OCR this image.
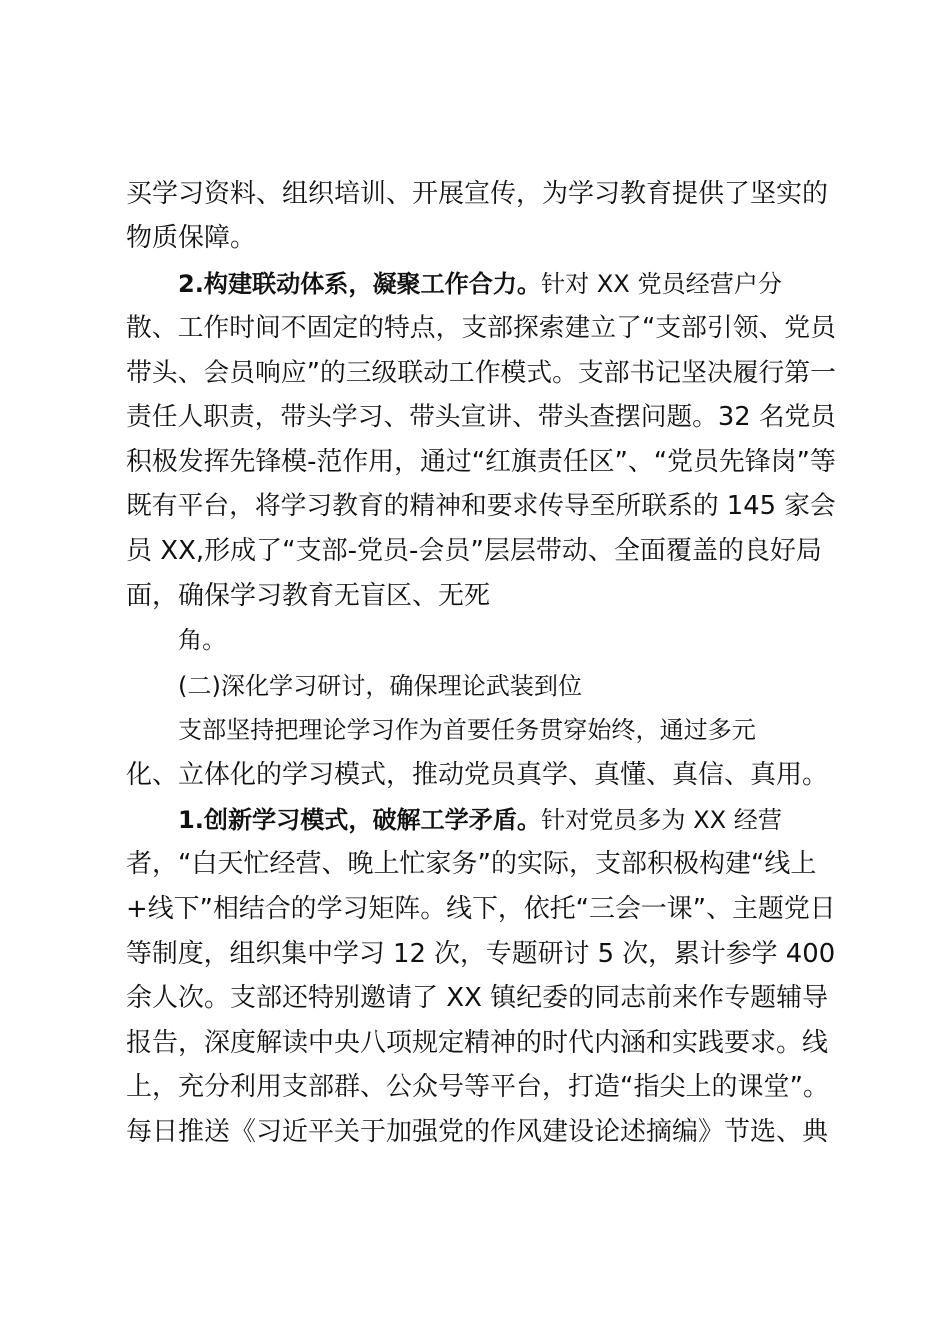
买学习资料、组织培训、开展宣传，为学习教育提供了坚实的
物质保障。
2.构建联动体系，凝聚工作合力。针对 XX 党员经营户分
散、工作时间不固定的特点，支部探索建立了“支部引领、党员
带头、会员响应”的三级联动工作模式。支部书记坚决履行第一
责任人职责，带头学习、带头宣讲、带头查摆问题。32 名党员
积极发挥先锋模-范作用，通过“红旗责任区”、“党员先锋岗”等
既有平台，将学习教育的精神和要求传导至所联系的 145 家会
员 XX,形成了“支部-党员-会员”层层带动、全面覆盖的良好局
面，确保学习教育无盲区、无死
角。
(二)深化学习研讨，确保理论武装到位
支部坚持把理论学习作为首要任务贯穿始终，通过多元
化、立体化的学习模式，推动党员真学、真懂、真信、真用。
1.创新学习模式，破解工学矛盾。针对党员多为 XX 经营
者，“白天忙经营、晚上忙家务”的实际，支部积极构建“线上
+线下”相结合的学习矩阵。线下，依托“三会一课”、主题党日
等制度，组织集中学习 12 次，专题研讨 5 次，累计参学 400
余人次。支部还特别邀请了 XX 镇纪委的同志前来作专题辅导
报告，深度解读中央八项规定精神的时代内涵和实践要求。线
上，充分利用支部群、公众号等平台，打造“指尖上的课堂”。
每日推送《习近平关于加强党的作风建设论述摘编》节选、典
